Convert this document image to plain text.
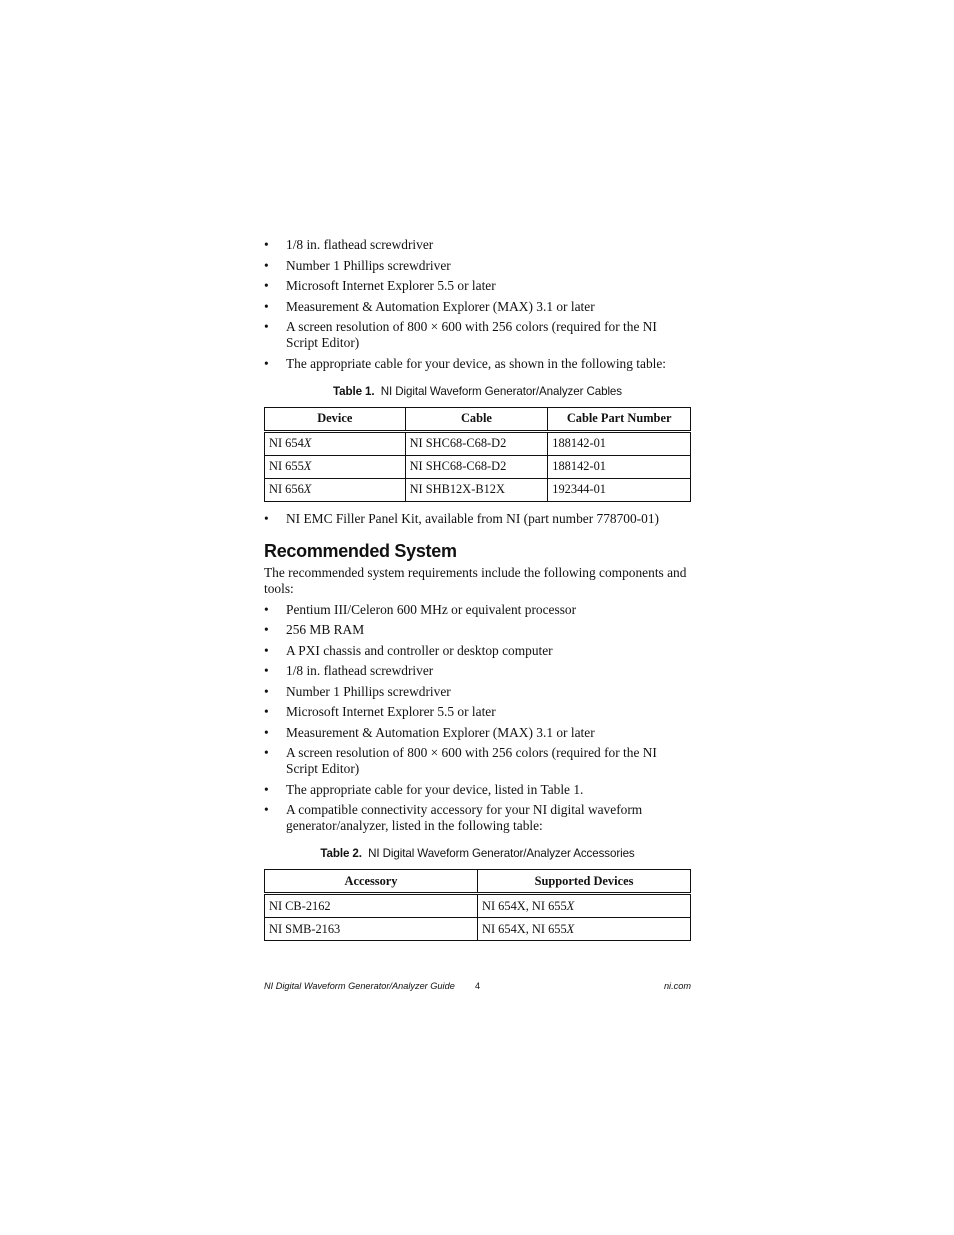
• 1/8 in. flathead screwdriver
• Number 1 Phillips screwdriver
• Microsoft Internet Explorer 5.5 or later
• Measurement & Automation Explorer (MAX) 3.1 or later
• A screen resolution of 800 × 600 with 256 colors (required for the NI Script Editor)
• The appropriate cable for your device, as shown in the following table:
Table 1. NI Digital Waveform Generator/Analyzer Cables
Device	Cable	Cable Part Number
NI 654X	NI SHC68-C68-D2	188142-01
NI 655X	NI SHC68-C68-D2	188142-01
NI 656X	NI SHB12X-B12X	192344-01
• NI EMC Filler Panel Kit, available from NI (part number 778700-01)
Recommended System

The recommended system requirements include the following components and tools:

• Pentium III/Celeron 600 MHz or equivalent processor
• 256 MB RAM
• A PXI chassis and controller or desktop computer
• 1/8 in. flathead screwdriver
• Number 1 Phillips screwdriver
• Microsoft Internet Explorer 5.5 or later
• Measurement & Automation Explorer (MAX) 3.1 or later
• A screen resolution of 800 × 600 with 256 colors (required for the NI Script Editor)
• The appropriate cable for your device, listed in Table 1.
• A compatible connectivity accessory for your NI digital waveform generator/analyzer, listed in the following table:
Table 2. NI Digital Waveform Generator/Analyzer Accessories
Accessory	Supported Devices
NI CB-2162	NI 654X, NI 655X
NI SMB-2163	NI 654X, NI 655X
NI Digital Waveform Generator/Analyzer Guide 4	ni.com
